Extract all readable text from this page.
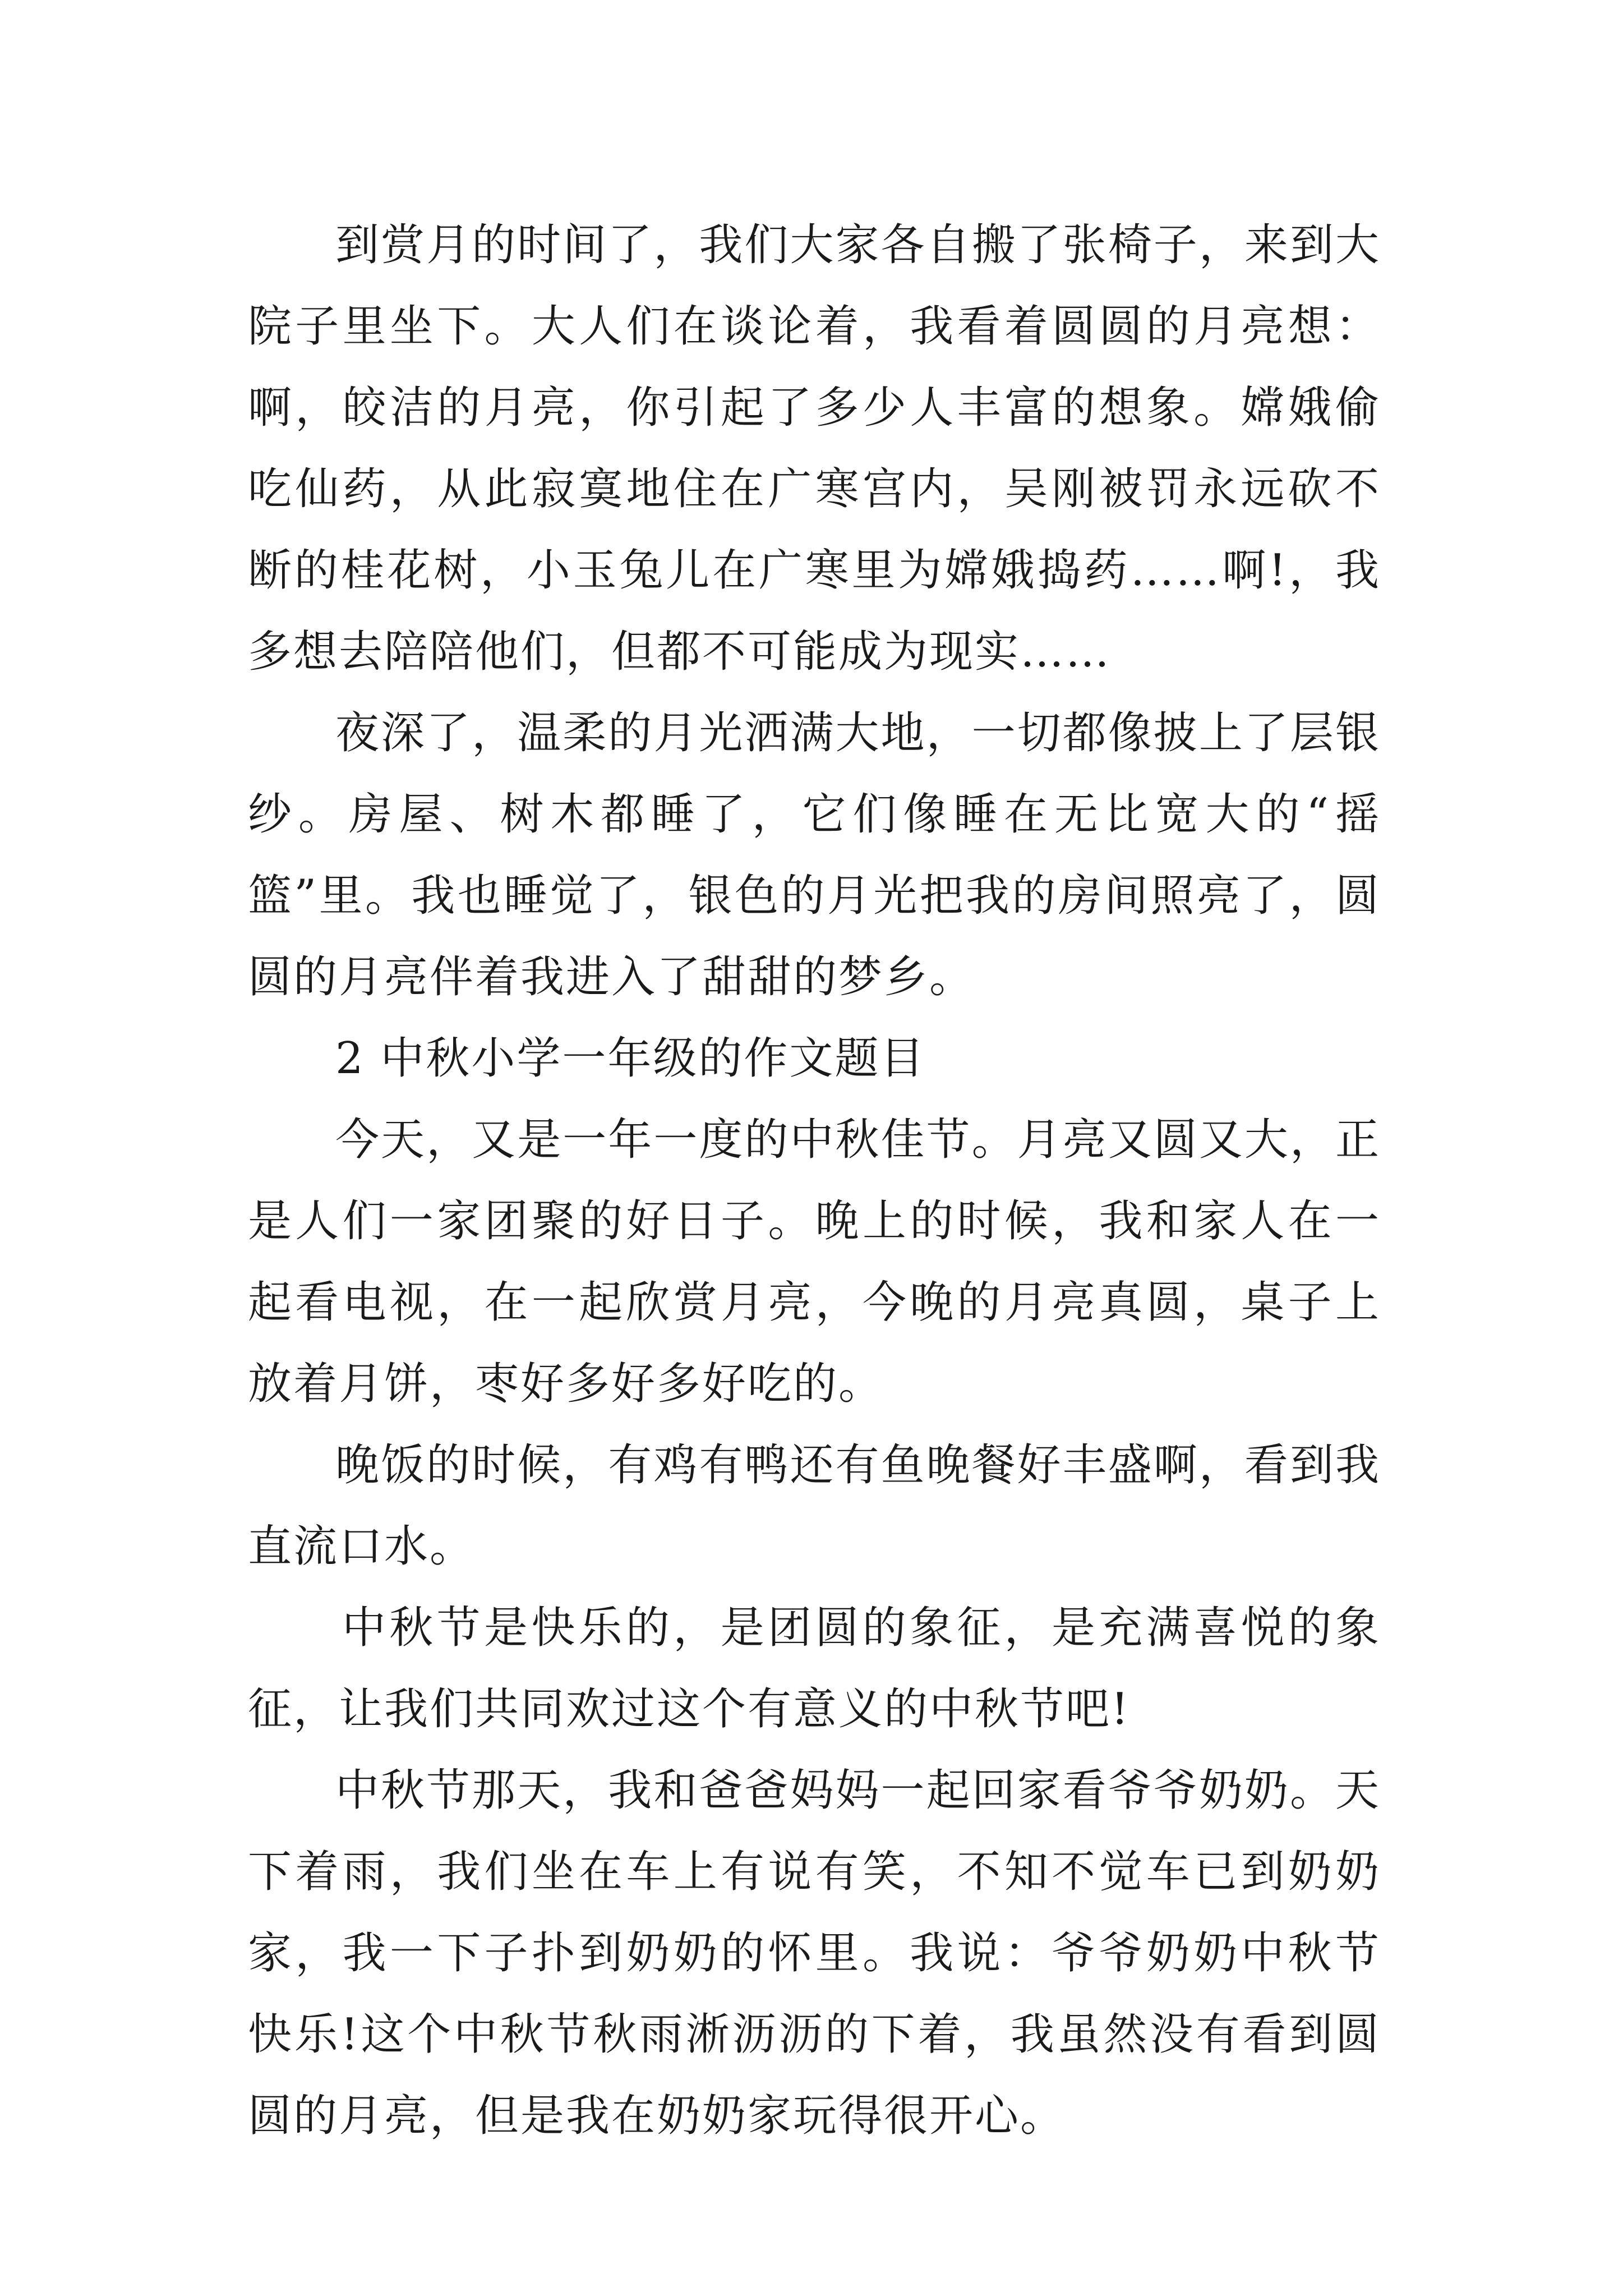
到赏月的时间了，我们大家各自搬了张椅子，来到大院子里坐下。大人们在谈论着，我看着圆圆的月亮想：啊，皎洁的月亮，你引起了多少人丰富的想象。嫦娥偷吃仙药，从此寂寞地住在广寒宫内，吴刚被罚永远砍不断的桂花树，小玉兔儿在广寒里为嫦娥捣药……啊!，我多想去陪陪他们，但都不可能成为现实……

夜深了，温柔的月光洒满大地，一切都像披上了层银纱。房屋、树木都睡了，它们像睡在无比宽大的“摇篮”里。我也睡觉了，银色的月光把我的房间照亮了，圆圆的月亮伴着我进入了甜甜的梦乡。

2 中秋小学一年级的作文题目

今天，又是一年一度的中秋佳节。月亮又圆又大，正是人们一家团聚的好日子。晚上的时候，我和家人在一起看电视，在一起欣赏月亮，今晚的月亮真圆，桌子上放着月饼，枣好多好多好吃的。

晚饭的时候，有鸡有鸭还有鱼晚餐好丰盛啊，看到我直流口水。

中秋节是快乐的，是团圆的象征，是充满喜悦的象征，让我们共同欢过这个有意义的中秋节吧!

中秋节那天，我和爸爸妈妈一起回家看爷爷奶奶。天下着雨，我们坐在车上有说有笑，不知不觉车已到奶奶家，我一下子扑到奶奶的怀里。我说：爷爷奶奶中秋节快乐!这个中秋节秋雨淅沥沥的下着，我虽然没有看到圆圆的月亮，但是我在奶奶家玩得很开心。
